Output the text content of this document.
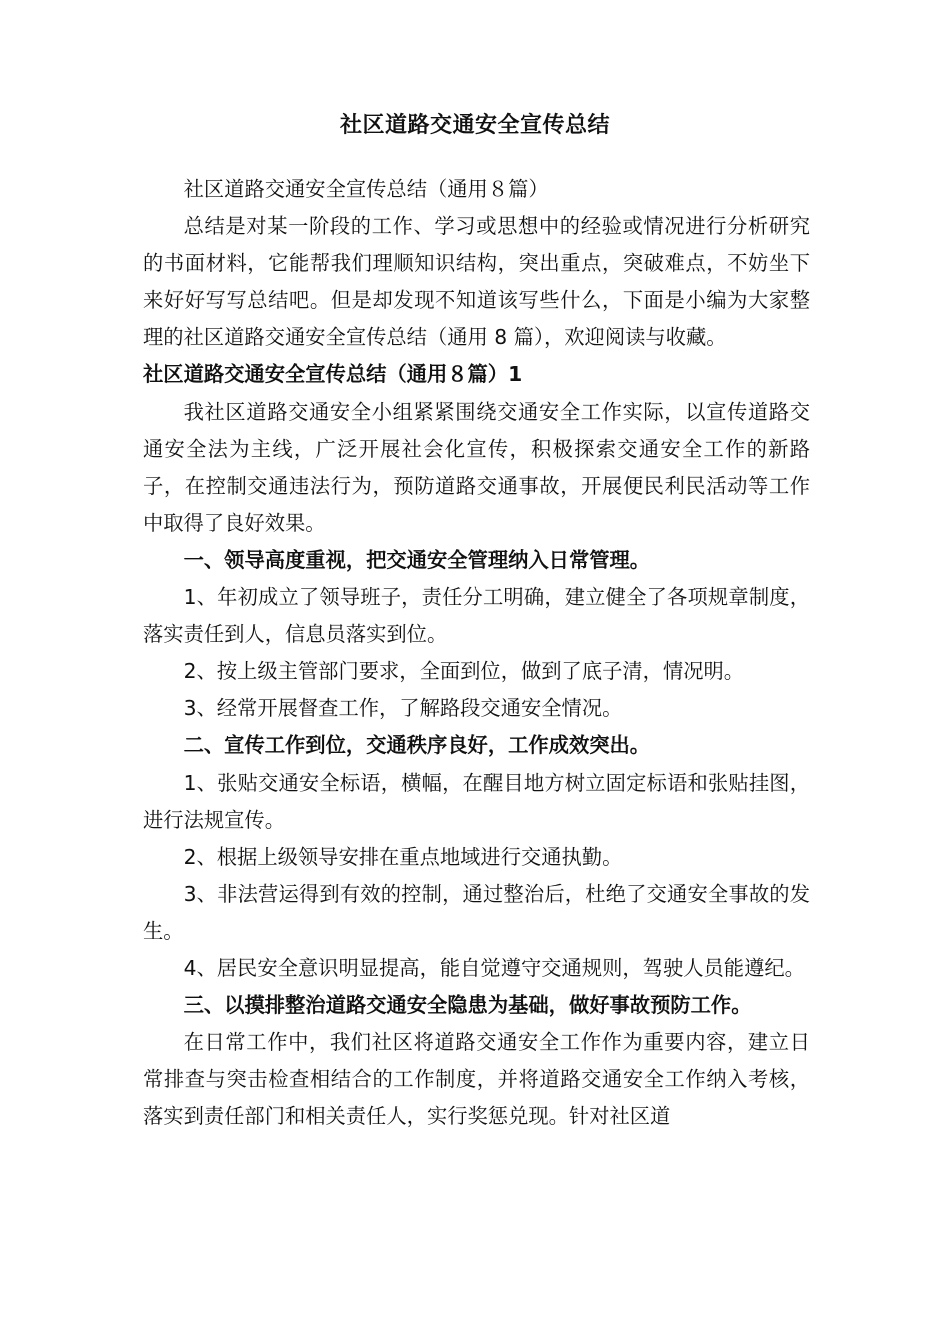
社区道路交通安全宣传总结

社区道路交通安全宣传总结（通用８篇）

总结是对某一阶段的工作、学习或思想中的经验或情况进行分析研究的书面材料，它能帮我们理顺知识结构，突出重点，突破难点，不妨坐下来好好写写总结吧。但是却发现不知道该写些什么，下面是小编为大家整理的社区道路交通安全宣传总结（通用 8 篇），欢迎阅读与收藏。

社区道路交通安全宣传总结（通用８篇）1

我社区道路交通安全小组紧紧围绕交通安全工作实际，以宣传道路交通安全法为主线，广泛开展社会化宣传，积极探索交通安全工作的新路子，在控制交通违法行为，预防道路交通事故，开展便民利民活动等工作中取得了良好效果。

一、领导高度重视，把交通安全管理纳入日常管理。

1、年初成立了领导班子，责任分工明确，建立健全了各项规章制度，落实责任到人，信息员落实到位。

2、按上级主管部门要求，全面到位，做到了底子清，情况明。

3、经常开展督查工作，了解路段交通安全情况。

二、宣传工作到位，交通秩序良好，工作成效突出。

1、张贴交通安全标语，横幅，在醒目地方树立固定标语和张贴挂图，进行法规宣传。

2、根据上级领导安排在重点地域进行交通执勤。

3、非法营运得到有效的控制，通过整治后，杜绝了交通安全事故的发生。

4、居民安全意识明显提高，能自觉遵守交通规则，驾驶人员能遵纪。

三、以摸排整治道路交通安全隐患为基础，做好事故预防工作。

在日常工作中，我们社区将道路交通安全工作作为重要内容，建立日常排查与突击检查相结合的工作制度，并将道路交通安全工作纳入考核，落实到责任部门和相关责任人，实行奖惩兑现。针对社区道
